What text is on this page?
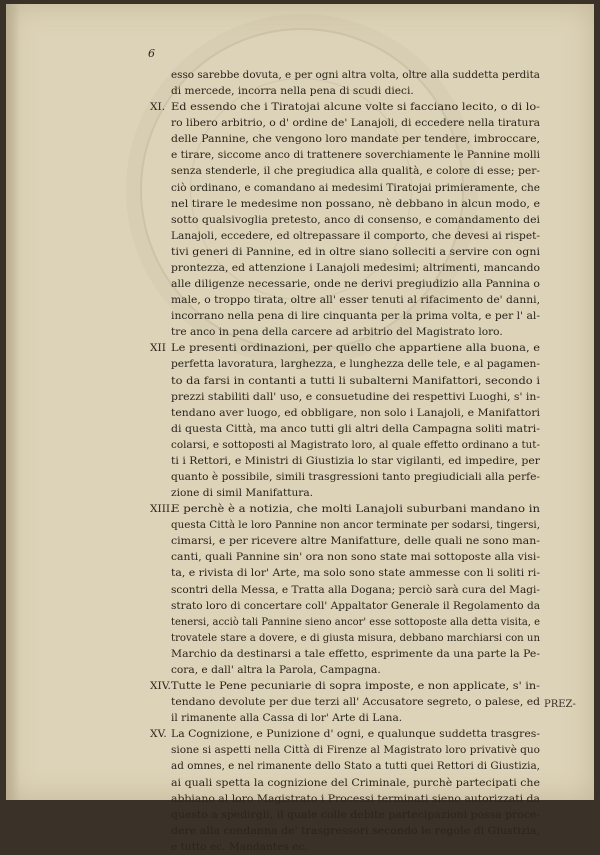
6
PREZ-
esso sarebbe dovuta, e per ogni altra volta, oltre alla suddetta perdita
di mercede, incorra nella pena di scudi dieci.
XI. Ed essendo che i Tiratojai alcune volte si facciano lecito, o di lo-
ro libero arbitrio, o d' ordine de' Lanajoli, di eccedere nella tiratura
delle Pannine, che vengono loro mandate per tendere, imbroccare,
e tirare, siccome anco di trattenere soverchiamente le Pannine molli
senza stenderle, il che pregiudica alla qualità, e colore di esse; per-
ciò ordinano, e comandano ai medesimi Tiratojai primieramente, che
nel tirare le medesime non possano, nè debbano in alcun modo, e
sotto qualsivoglia pretesto, anco di consenso, e comandamento dei
Lanajoli, eccedere, ed oltrepassare il comporto, che devesi ai rispet-
tivi generi di Pannine, ed in oltre siano solleciti a servire con ogni
prontezza, ed attenzione i Lanajoli medesimi; altrimenti, mancando
alle diligenze necessarie, onde ne derivi pregiudizio alla Pannina o
male, o troppo tirata, oltre all' esser tenuti al rifacimento de' danni,
incorrano nella pena di lire cinquanta per la prima volta, e per l' al-
tre anco in pena della carcere ad arbitrio del Magistrato loro.
XII Le presenti ordinazioni, per quello che appartiene alla buona, e
perfetta lavoratura, larghezza, e lunghezza delle tele, e al pagamen-
to da farsi in contanti a tutti li subalterni Manifattori, secondo i
prezzi stabiliti dall' uso, e consuetudine dei respettivi Luoghi, s' in-
tendano aver luogo, ed obbligare, non solo i Lanajoli, e Manifattori
di questa Città, ma anco tutti gli altri della Campagna soliti matri-
colarsi, e sottoposti al Magistrato loro, al quale effetto ordinano a tut-
ti i Rettori, e Ministri di Giustizia lo star vigilanti, ed impedire, per
quanto è possibile, simili trasgressioni tanto pregiudiciali alla perfe-
zione di simil Manifattura.
XIII.
E perchè è a notizia, che molti Lanajoli suburbani mandano in
questa Città le loro Pannine non ancor terminate per sodarsi, tingersi,
cimarsi, e per ricevere altre Manifatture, delle quali ne sono man-
canti, quali Pannine sin' ora non sono state mai sottoposte alla visi-
ta, e rivista di lor' Arte, ma solo sono state ammesse con li soliti ri-
scontri della Messa, e Tratta alla Dogana; perciò sarà cura del Magi-
strato loro di concertare coll' Appaltator Generale il Regolamento da
tenersi, acciò tali Pannine sieno ancor' esse sottoposte alla detta visita, e
trovatele stare a dovere, e di giusta misura, debbano marchiarsi con un
Marchio da destinarsi a tale effetto, esprimente da una parte la Pe-
cora, e dall' altra la Parola, Campagna.
XIV. Tutte le Pene pecuniarie di sopra imposte, e non applicate, s' in-
tendano devolute per due terzi all' Accusatore segreto, o palese, ed
il rimanente alla Cassa di lor' Arte di Lana.
XV. La Cognizione, e Punizione d' ogni, e qualunque suddetta trasgres-
sione si aspetti nella Città di Firenze al Magistrato loro privativè quo
ad omnes, e nel rimanente dello Stato a tutti quei Rettori di Giustizia,
ai quali spetta la cognizione del Criminale, purchè partecipati che
abbiano al loro Magistrato i Processi terminati sieno autorizzati da
questo a spedirgli, il quale colle debite partecipazioni possa proce-
dere alla condanna de' trasgressori secondo le regole di Giustizia,
e tutto ec. Mandantes ec.
